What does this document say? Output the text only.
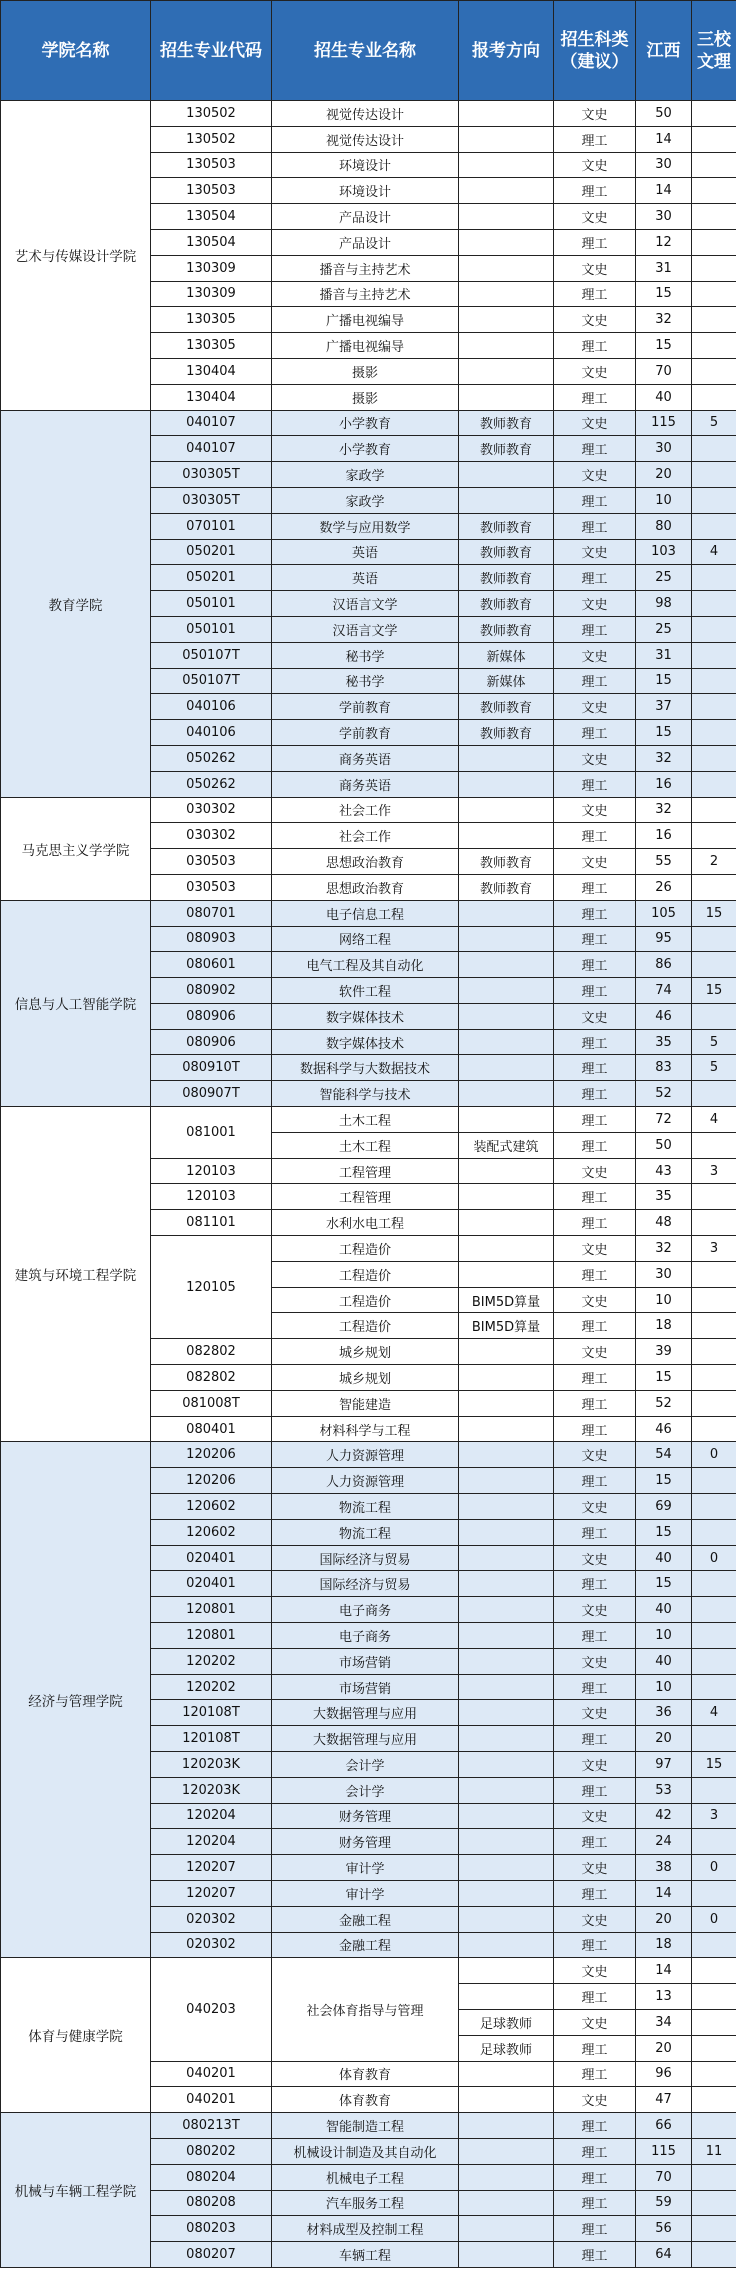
学院名称	招生专业代码	招生专业名称	报考方向	招生科类（建议）	江西	三校文理
艺术与传媒设计学院	130502	视觉传达设计		文史	50	
	130502	视觉传达设计		理工	14	
	130503	环境设计		文史	30	
	130503	环境设计		理工	14	
	130504	产品设计		文史	30	
	130504	产品设计		理工	12	
	130309	播音与主持艺术		文史	31	
	130309	播音与主持艺术		理工	15	
	130305	广播电视编导		文史	32	
	130305	广播电视编导		理工	15	
	130404	摄影		文史	70	
	130404	摄影		理工	40	
教育学院	040107	小学教育	教师教育	文史	115	5
	040107	小学教育	教师教育	理工	30	
	030305T	家政学		文史	20	
	030305T	家政学		理工	10	
	070101	数学与应用数学	教师教育	理工	80	
	050201	英语	教师教育	文史	103	4
	050201	英语	教师教育	理工	25	
	050101	汉语言文学	教师教育	文史	98	
	050101	汉语言文学	教师教育	理工	25	
	050107T	秘书学	新媒体	文史	31	
	050107T	秘书学	新媒体	理工	15	
	040106	学前教育	教师教育	文史	37	
	040106	学前教育	教师教育	理工	15	
	050262	商务英语		文史	32	
	050262	商务英语		理工	16	
马克思主义学学院	030302	社会工作		文史	32	
	030302	社会工作		理工	16	
	030503	思想政治教育	教师教育	文史	55	2
	030503	思想政治教育	教师教育	理工	26	
信息与人工智能学院	080701	电子信息工程		理工	105	15
	080903	网络工程		理工	95	
	080601	电气工程及其自动化		理工	86	
	080902	软件工程		理工	74	15
	080906	数字媒体技术		文史	46	
	080906	数字媒体技术		理工	35	5
	080910T	数据科学与大数据技术		理工	83	5
	080907T	智能科学与技术		理工	52	
建筑与环境工程学院	081001	土木工程		理工	72	4
		土木工程	装配式建筑	理工	50	
	120103	工程管理		文史	43	3
	120103	工程管理		理工	35	
	081101	水利水电工程		理工	48	
	120105	工程造价		文史	32	3
		工程造价		理工	30	
		工程造价	BIM5D算量	文史	10	
		工程造价	BIM5D算量	理工	18	
	082802	城乡规划		文史	39	
	082802	城乡规划		理工	15	
	081008T	智能建造		理工	52	
	080401	材料科学与工程		理工	46	
经济与管理学院	120206	人力资源管理		文史	54	0
	120206	人力资源管理		理工	15	
	120602	物流工程		文史	69	
	120602	物流工程		理工	15	
	020401	国际经济与贸易		文史	40	0
	020401	国际经济与贸易		理工	15	
	120801	电子商务		文史	40	
	120801	电子商务		理工	10	
	120202	市场营销		文史	40	
	120202	市场营销		理工	10	
	120108T	大数据管理与应用		文史	36	4
	120108T	大数据管理与应用		理工	20	
	120203K	会计学		文史	97	15
	120203K	会计学		理工	53	
	120204	财务管理		文史	42	3
	120204	财务管理		理工	24	
	120207	审计学		文史	38	0
	120207	审计学		理工	14	
	020302	金融工程		文史	20	0
	020302	金融工程		理工	18	
体育与健康学院	040203	社会体育指导与管理		文史	14	
				理工	13	
			足球教师	文史	34	
			足球教师	理工	20	
	040201	体育教育		理工	96	
	040201	体育教育		文史	47	
机械与车辆工程学院	080213T	智能制造工程		理工	66	
	080202	机械设计制造及其自动化		理工	115	11
	080204	机械电子工程		理工	70	
	080208	汽车服务工程		理工	59	
	080203	材料成型及控制工程		理工	56	
	080207	车辆工程		理工	64	
